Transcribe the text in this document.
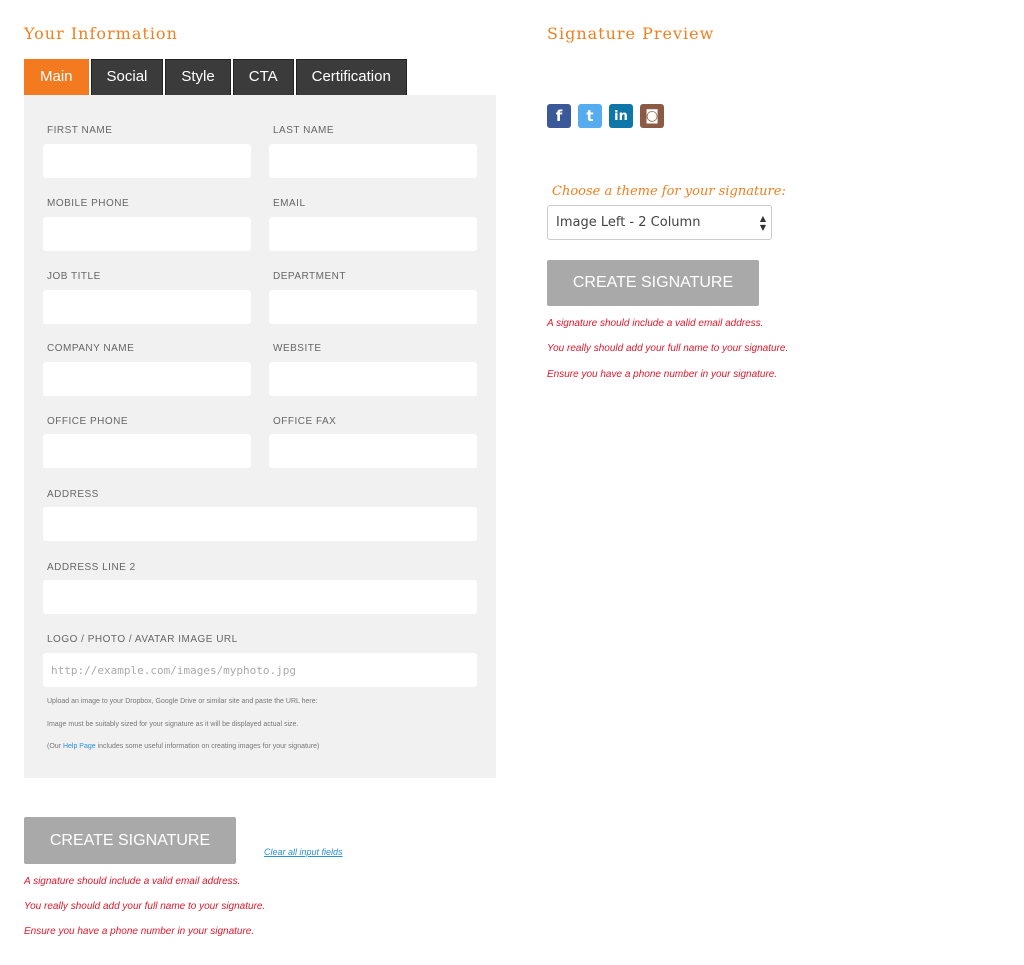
Your Information	Signature Preview
Main	Social	Style	CTA	Certification
FIRST NAME	LAST NAME
MOBILE PHONE	EMAIL
JOB TITLE	DEPARTMENT
COMPANY NAME	WEBSITE
OFFICE PHONE	OFFICE FAX
ADDRESS
ADDRESS LINE 2
LOGO / PHOTO / AVATAR IMAGE URL
http://example.com/images/myphoto.jpg
Upload an image to your Dropbox, Google Drive or similar site and paste the URL here:
Image must be suitably sized for your signature as it will be displayed actual size.
(Our Help Page includes some useful information on creating images for your signature)
CREATE SIGNATURE
Clear all input fields
A signature should include a valid email address.
You really should add your full name to your signature.
Ensure you have a phone number in your signature.
f	t	in	◙
Choose a theme for your signature:
Image Left - 2 Column	▲
▼
CREATE SIGNATURE
A signature should include a valid email address.
You really should add your full name to your signature.
Ensure you have a phone number in your signature.
